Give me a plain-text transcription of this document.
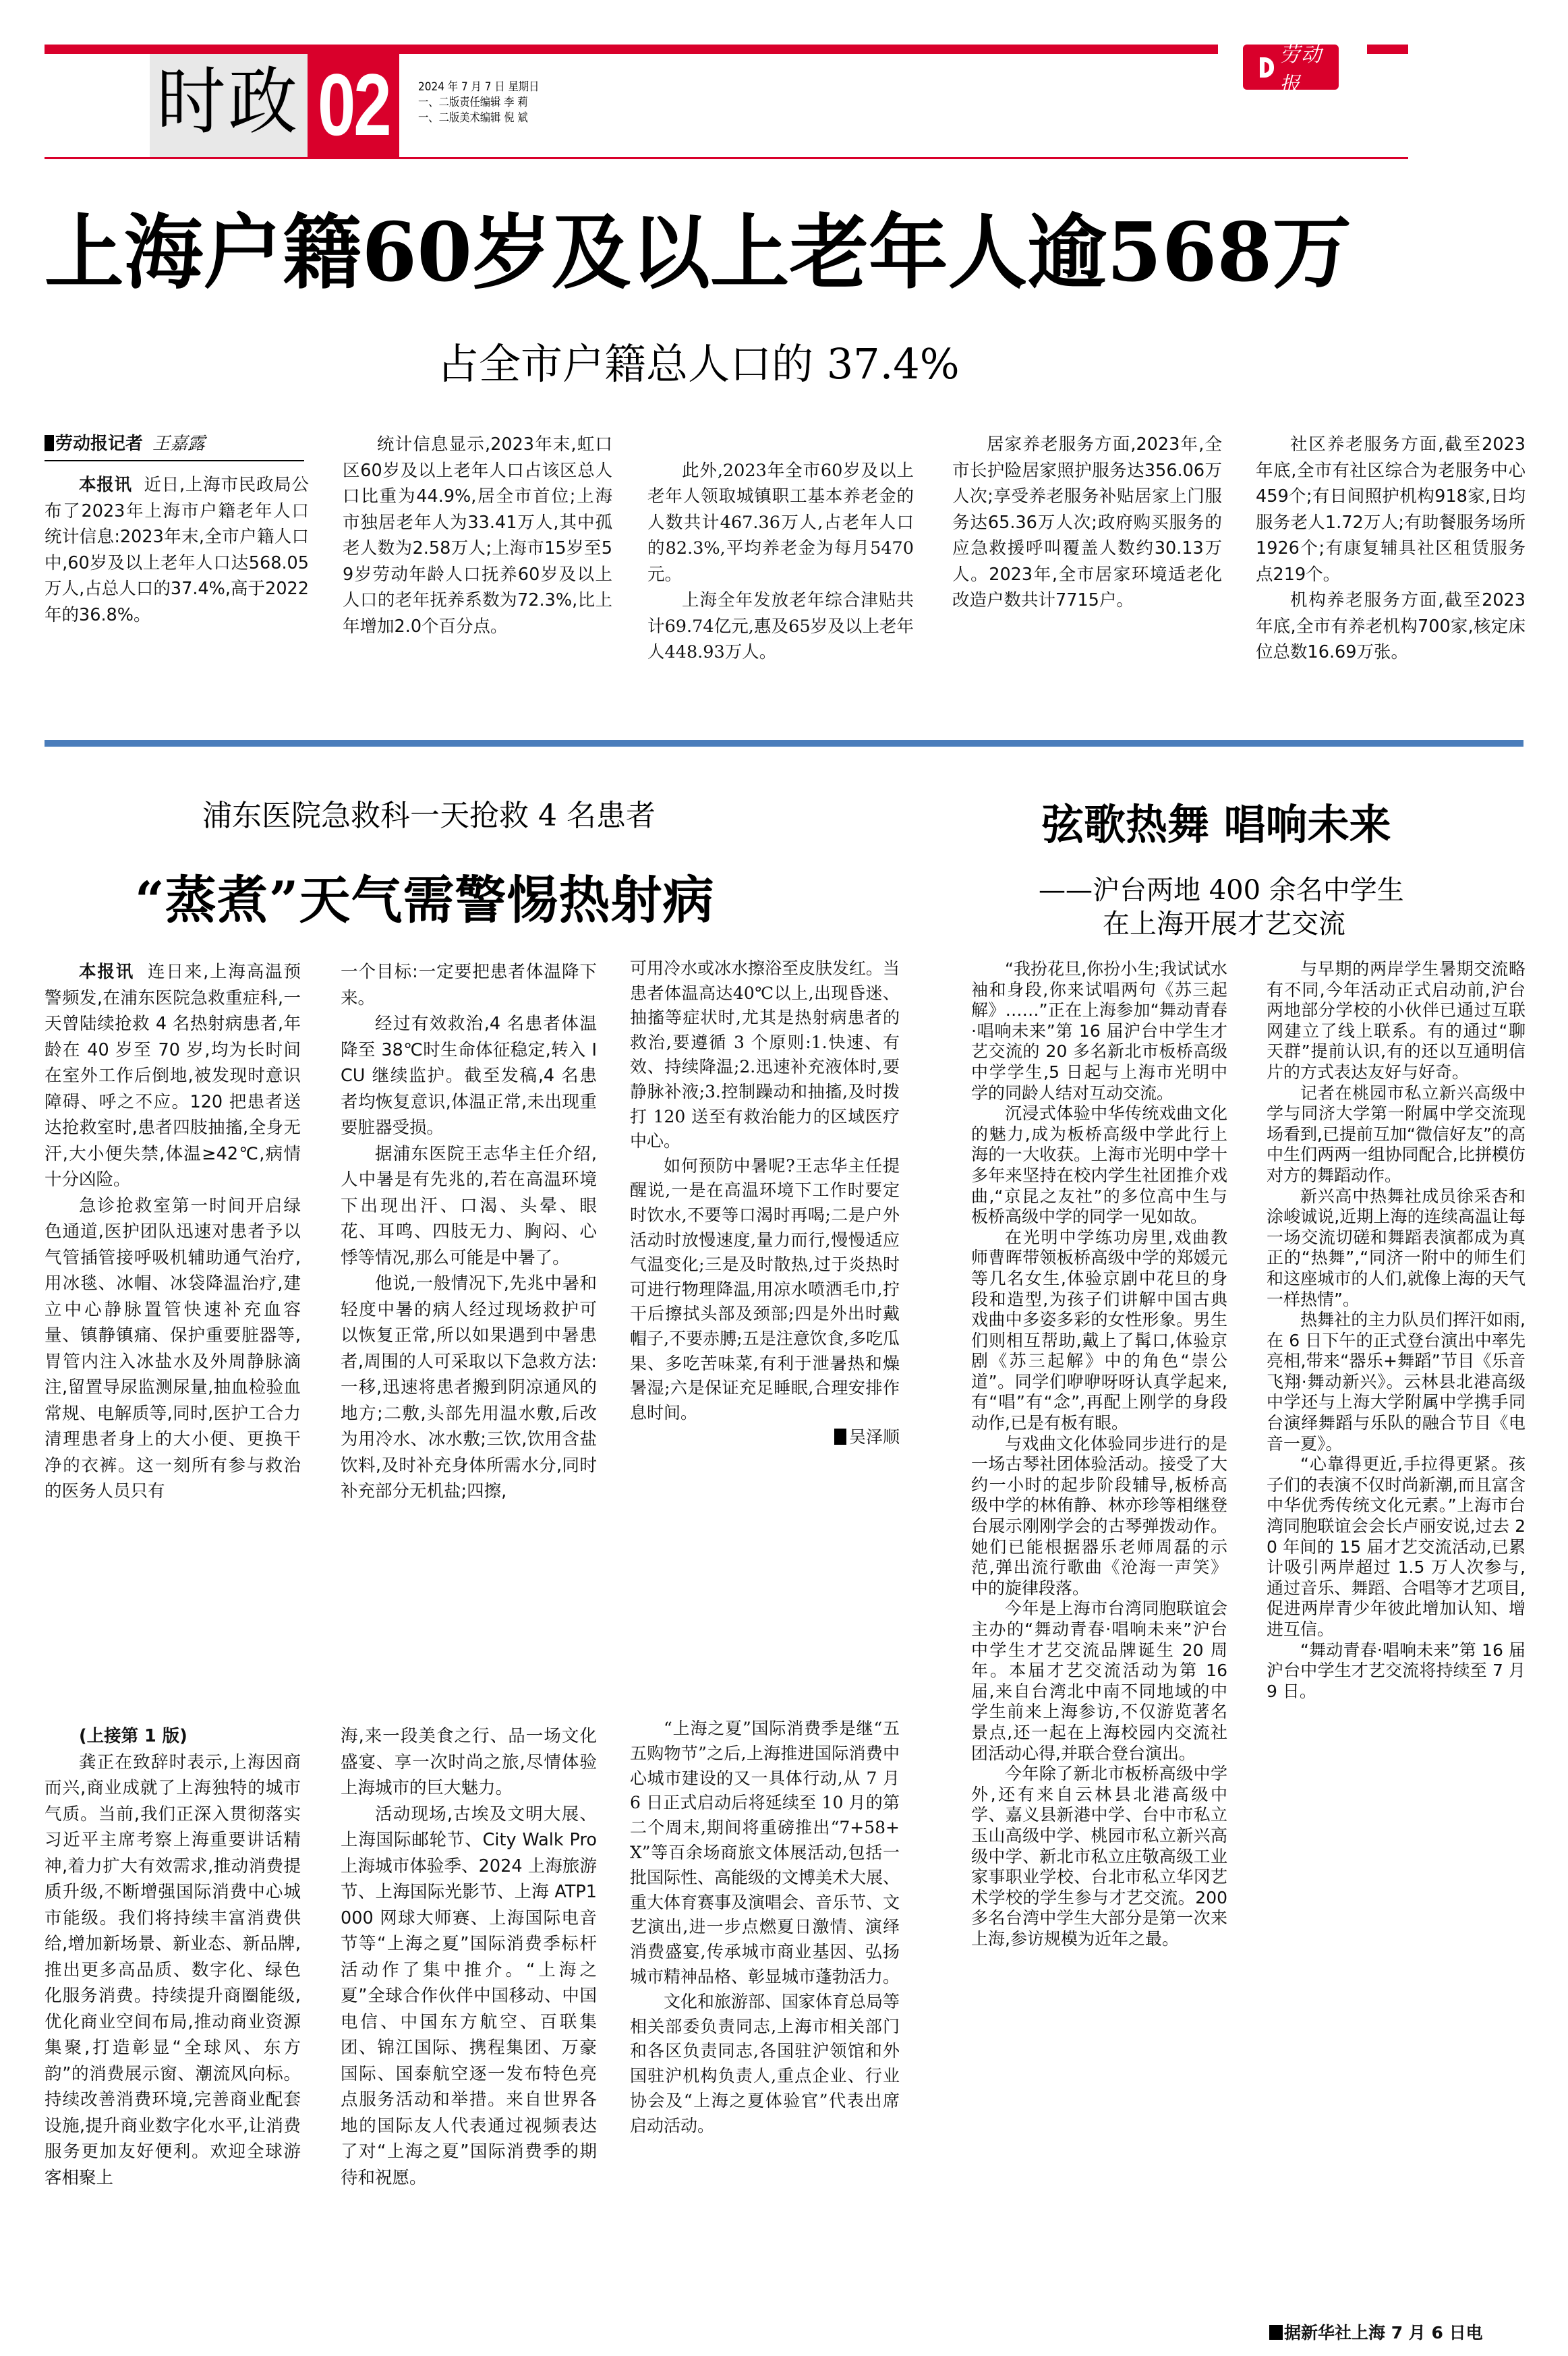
时政 02 2024 年 7 月 7 日 星期日
一、二版责任编辑 李 莉
一、二版美术编辑 倪 斌
劳动报
上海户籍60岁及以上老年人逾568万
占全市户籍总人口的 37.4%
劳动报记者 王嘉露

本报讯 近日,上海市民政局公布了2023年上海市户籍老年人口统计信息:2023年末,全市户籍人口中,60岁及以上老年人口达568.05万人,占总人口的37.4%,高于2022年的36.8%。

统计信息显示,2023年末,虹口区60岁及以上老年人口占该区总人口比重为44.9%,居全市首位;上海市独居老年人为33.41万人,其中孤老人数为2.58万人;上海市15岁至59岁劳动年龄人口抚养60岁及以上人口的老年抚养系数为72.3%,比上年增加2.0个百分点。

此外,2023年全市60岁及以上老年人领取城镇职工基本养老金的人数共计467.36万人,占老年人口的82.3%,平均养老金为每月5470元。

上海全年发放老年综合津贴共计69.74亿元,惠及65岁及以上老年人448.93万人。

居家养老服务方面,2023年,全市长护险居家照护服务达356.06万人次;享受养老服务补贴居家上门服务达65.36万人次;政府购买服务的应急救援呼叫覆盖人数约30.13万人。2023年,全市居家环境适老化改造户数共计7715户。

社区养老服务方面,截至2023年底,全市有社区综合为老服务中心459个;有日间照护机构918家,日均服务老人1.72万人;有助餐服务场所1926个;有康复辅具社区租赁服务点219个。

机构养老服务方面,截至2023年底,全市有养老机构700家,核定床位总数16.69万张。

浦东医院急救科一天抢救 4 名患者
“蒸煮”天气需警惕热射病

本报讯 连日来,上海高温预警频发,在浦东医院急救重症科,一天曾陆续抢救 4 名热射病患者,年龄在 40 岁至 70 岁,均为长时间在室外工作后倒地,被发现时意识障碍、呼之不应。120 把患者送达抢救室时,患者四肢抽搐,全身无汗,大小便失禁,体温≥42℃,病情十分凶险。

急诊抢救室第一时间开启绿色通道,医护团队迅速对患者予以气管插管接呼吸机辅助通气治疗,用冰毯、冰帽、冰袋降温治疗,建立中心静脉置管快速补充血容量、镇静镇痛、保护重要脏器等,胃管内注入冰盐水及外周静脉滴注,留置导尿监测尿量,抽血检验血常规、电解质等,同时,医护工合力清理患者身上的大小便、更换干净的衣裤。这一刻所有参与救治的医务人员只有

一个目标:一定要把患者体温降下来。

经过有效救治,4 名患者体温降至 38℃时生命体征稳定,转入 ICU 继续监护。截至发稿,4 名患者均恢复意识,体温正常,未出现重要脏器受损。

据浦东医院王志华主任介绍,人中暑是有先兆的,若在高温环境下出现出汗、口渴、头晕、眼花、耳鸣、四肢无力、胸闷、心悸等情况,那么可能是中暑了。

他说,一般情况下,先兆中暑和轻度中暑的病人经过现场救护可以恢复正常,所以如果遇到中暑患者,周围的人可采取以下急救方法:一移,迅速将患者搬到阴凉通风的地方;二敷,头部先用温水敷,后改为用冷水、冰水敷;三饮,饮用含盐饮料,及时补充身体所需水分,同时补充部分无机盐;四擦,

可用冷水或冰水擦浴至皮肤发红。当患者体温高达40℃以上,出现昏迷、抽搐等症状时,尤其是热射病患者的救治,要遵循 3 个原则:1.快速、有效、持续降温;2.迅速补充液体时,要静脉补液;3.控制躁动和抽搐,及时拨打 120 送至有救治能力的区域医疗中心。

如何预防中暑呢?王志华主任提醒说,一是在高温环境下工作时要定时饮水,不要等口渴时再喝;二是户外活动时放慢速度,量力而行,慢慢适应气温变化;三是及时散热,过于炎热时可进行物理降温,用凉水喷洒毛巾,拧干后擦拭头部及颈部;四是外出时戴帽子,不要赤膊;五是注意饮食,多吃瓜果、多吃苦味菜,有利于泄暑热和燥暑湿;六是保证充足睡眠,合理安排作息时间。

吴泽顺

(上接第 1 版)

龚正在致辞时表示,上海因商而兴,商业成就了上海独特的城市气质。当前,我们正深入贯彻落实习近平主席考察上海重要讲话精神,着力扩大有效需求,推动消费提质升级,不断增强国际消费中心城市能级。我们将持续丰富消费供给,增加新场景、新业态、新品牌,推出更多高品质、数字化、绿色化服务消费。持续提升商圈能级,优化商业空间布局,推动商业资源集聚,打造彰显“全球风、东方韵”的消费展示窗、潮流风向标。持续改善消费环境,完善商业配套设施,提升商业数字化水平,让消费服务更加友好便利。欢迎全球游客相聚上

海,来一段美食之行、品一场文化盛宴、享一次时尚之旅,尽情体验上海城市的巨大魅力。

活动现场,古埃及文明大展、上海国际邮轮节、City Walk Pro 上海城市体验季、2024 上海旅游节、上海国际光影节、上海 ATP1000 网球大师赛、上海国际电音节等“上海之夏”国际消费季标杆活动作了集中推介。“上海之夏”全球合作伙伴中国移动、中国电信、中国东方航空、百联集团、锦江国际、携程集团、万豪国际、国泰航空逐一发布特色亮点服务活动和举措。来自世界各地的国际友人代表通过视频表达了对“上海之夏”国际消费季的期待和祝愿。

“上海之夏”国际消费季是继“五五购物节”之后,上海推进国际消费中心城市建设的又一具体行动,从 7 月 6 日正式启动后将延续至 10 月的第二个周末,期间将重磅推出“7+58+X”等百余场商旅文体展活动,包括一批国际性、高能级的文博美术大展、重大体育赛事及演唱会、音乐节、文艺演出,进一步点燃夏日激情、演绎消费盛宴,传承城市商业基因、弘扬城市精神品格、彰显城市蓬勃活力。

文化和旅游部、国家体育总局等相关部委负责同志,上海市相关部门和各区负责同志,各国驻沪领馆和外国驻沪机构负责人,重点企业、行业协会及“上海之夏体验官”代表出席启动活动。

弦歌热舞 唱响未来
——沪台两地 400 余名中学生
在上海开展才艺交流

“我扮花旦,你扮小生;我试试水袖和身段,你来试唱两句《苏三起解》……”正在上海参加“舞动青春·唱响未来”第 16 届沪台中学生才艺交流的 20 多名新北市板桥高级中学学生,5 日起与上海市光明中学的同龄人结对互动交流。

沉浸式体验中华传统戏曲文化的魅力,成为板桥高级中学此行上海的一大收获。上海市光明中学十多年来坚持在校内学生社团推介戏曲,“京昆之友社”的多位高中生与板桥高级中学的同学一见如故。

在光明中学练功房里,戏曲教师曹晖带领板桥高级中学的郑媛元等几名女生,体验京剧中花旦的身段和造型,为孩子们讲解中国古典戏曲中多姿多彩的女性形象。男生们则相互帮助,戴上了髯口,体验京剧《苏三起解》中的角色“崇公道”。同学们咿咿呀呀认真学起来,有“唱”有“念”,再配上刚学的身段动作,已是有板有眼。

与戏曲文化体验同步进行的是一场古琴社团体验活动。接受了大约一小时的起步阶段辅导,板桥高级中学的林侑静、林亦珍等相继登台展示刚刚学会的古琴弹拨动作。她们已能根据器乐老师周磊的示范,弹出流行歌曲《沧海一声笑》中的旋律段落。

今年是上海市台湾同胞联谊会主办的“舞动青春·唱响未来”沪台中学生才艺交流品牌诞生 20 周年。本届才艺交流活动为第 16 届,来自台湾北中南不同地域的中学生前来上海参访,不仅游览著名景点,还一起在上海校园内交流社团活动心得,并联合登台演出。

今年除了新北市板桥高级中学外,还有来自云林县北港高级中学、嘉义县新港中学、台中市私立玉山高级中学、桃园市私立新兴高级中学、新北市私立庄敬高级工业家事职业学校、台北市私立华冈艺术学校的学生参与才艺交流。200 多名台湾中学生大部分是第一次来上海,参访规模为近年之最。

与早期的两岸学生暑期交流略有不同,今年活动正式启动前,沪台两地部分学校的小伙伴已通过互联网建立了线上联系。有的通过“聊天群”提前认识,有的还以互通明信片的方式表达友好与好奇。

记者在桃园市私立新兴高级中学与同济大学第一附属中学交流现场看到,已提前互加“微信好友”的高中生们两两一组协同配合,比拼模仿对方的舞蹈动作。

新兴高中热舞社成员徐采杏和涂峻诚说,近期上海的连续高温让每一场交流切磋和舞蹈表演都成为真正的“热舞”,“同济一附中的师生们和这座城市的人们,就像上海的天气一样热情”。

热舞社的主力队员们挥汗如雨,在 6 日下午的正式登台演出中率先亮相,带来“器乐+舞蹈”节目《乐音飞翔·舞动新兴》。云林县北港高级中学还与上海大学附属中学携手同台演绎舞蹈与乐队的融合节目《电音一夏》。

“心靠得更近,手拉得更紧。孩子们的表演不仅时尚新潮,而且富含中华优秀传统文化元素。”上海市台湾同胞联谊会会长卢丽安说,过去 20 年间的 15 届才艺交流活动,已累计吸引两岸超过 1.5 万人次参与,通过音乐、舞蹈、合唱等才艺项目,促进两岸青少年彼此增加认知、增进互信。

“舞动青春·唱响未来”第 16 届沪台中学生才艺交流将持续至 7 月 9 日。

据新华社上海 7 月 6 日电
